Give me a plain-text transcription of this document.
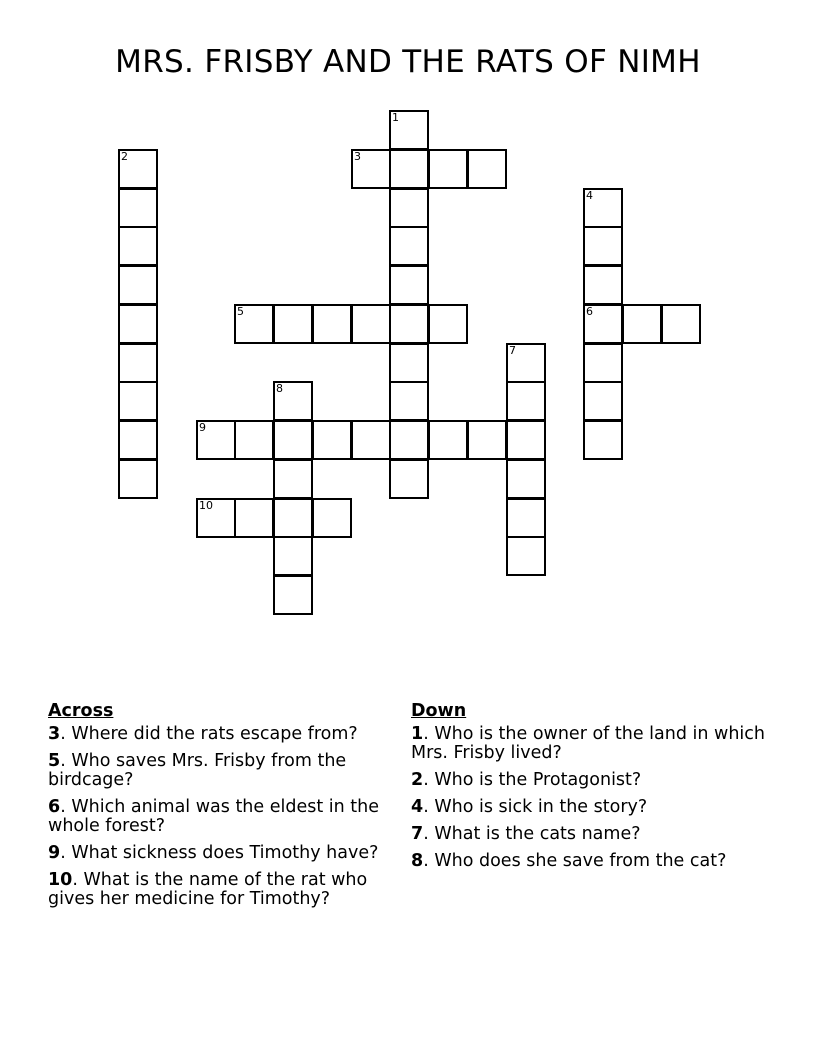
MRS. FRISBY AND THE RATS OF NIMH
1
2	3
4
6
5
7
8
9
10
Across
3. Where did the rats escape from?
5. Who saves Mrs. Frisby from the birdcage?
6. Which animal was the eldest in the whole forest?
9. What sickness does Timothy have?
10. What is the name of the rat who gives her medicine for Timothy?
Down
1. Who is the owner of the land in which Mrs. Frisby lived?
2. Who is the Protagonist?
4. Who is sick in the story?
7. What is the cats name?
8. Who does she save from the cat?
